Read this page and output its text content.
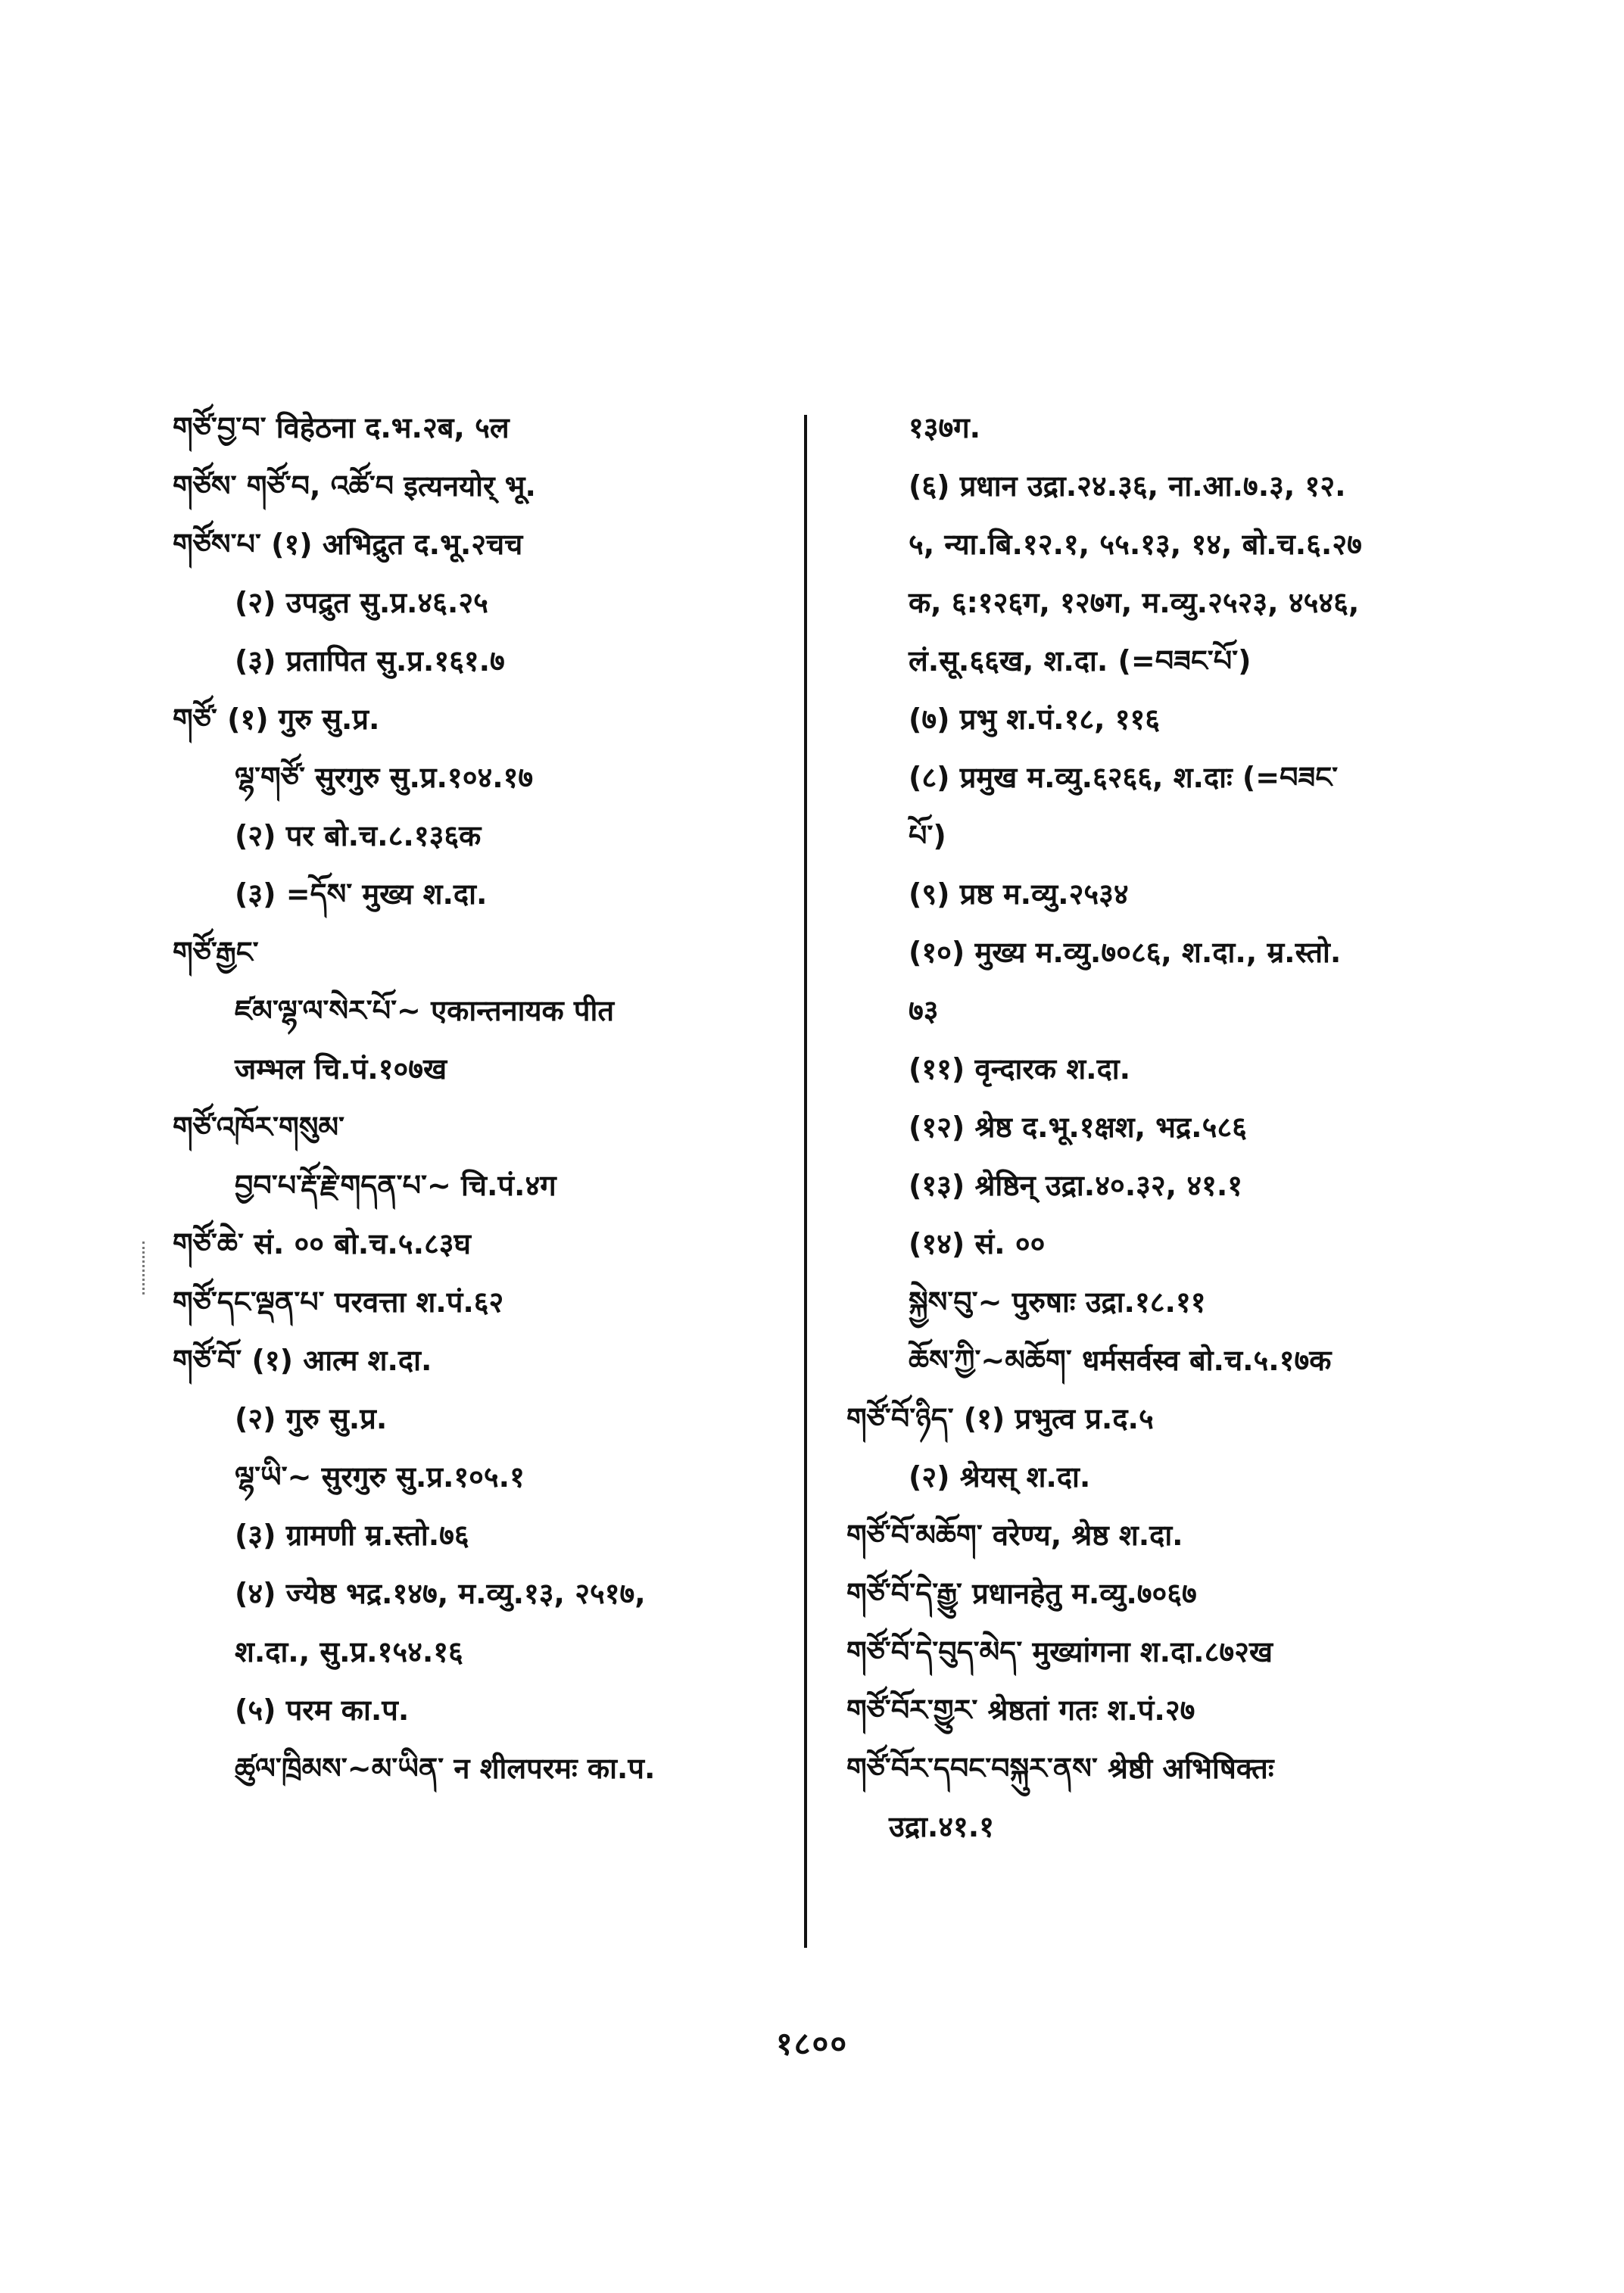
གཙོ་བྱ་བ་ विहेठना द.भ.२ब, ५ल
གཙོས་ གཙོ་བ, འཚོ་བ इत्यनयोर् भू.
གཙོས་པ་ (१) अभिद्रुत द.भू.२चच
(२) उपद्रुत सु.प्र.४६.२५
(३) प्रतापित सु.प्र.१६१.७
གཙོ་ (१) गुरु सु.प्र.
ལྷ་གཙོ་ सुरगुरु सु.प्र.१०४.१७
(२) पर बो.च.८.१३६क
(३) =དོས་ मुख्य श.दा.
གཙོ་རྒྱང་
ཛམ་ལྷ་ལ་སེར་པོ་~ एकान्तनायक पीत
जम्भल चि.पं.१०७ख
གཙོ་འཁོར་གསུམ་
བྱབ་པ་རྡོ་རྗེ་གདན་པ་~ चि.पं.४ग
གཙོ་ཆེ་ सं. ०० बो.च.५.८३घ
གཙོ་དང་ལྡན་པ་ परवत्ता श.पं.६२
གཙོ་བོ་ (१) आत्म श.दा.
(२) गुरु सु.प्र.
ལྷ་ཡི་~ सुरगुरु सु.प्र.१०५.१
(३) ग्रामणी म्र.स्तो.७६
(४) ज्येष्ठ भद्र.१४७, म.व्यु.१३, २५१७,
श.दा., सु.प्र.१५४.१६
(५) परम का.प.
ཚུལ་ཁྲིམས་~མ་ཡིན་ न शीलपरमः का.प.
१३७ग.
(६) प्रधान उद्रा.२४.३६, ना.आ.७.३, १२.
५, न्या.बि.१२.१, ५५.१३, १४, बो.च.६.२७
क, ६:१२६ग, १२७ग, म.व्यु.२५२३, ४५४६,
लं.सू.६६ख, श.दा. (=བཟང་པོ་)
(७) प्रभु श.पं.१८, ११६
(८) प्रमुख म.व्यु.६२६६, श.दाः (=བཟང་
པོ་)
(९) प्रष्ठ म.व्यु.२५३४
(१०) मुख्य म.व्यु.७०८६, श.दा., म्र.स्तो.
७३
(११) वृन्दारक श.दा.
(१२) श्रेष्ठ द.भू.१क्षश, भद्र.५८६
(१३) श्रेष्ठिन् उद्रा.४०.३२, ४१.१
(१४) सं. ००
སྐྱེས་བུ་~ पुरुषाः उद्रा.१८.११
ཆོས་ཀྱི་~མཆོག་ धर्मसर्वस्व बो.च.५.१७क
གཙོ་བོ་ཉིད་ (१) प्रभुत्व प्र.द.५
(२) श्रेयस् श.दा.
གཙོ་བོ་མཆོག་ वरेण्य, श्रेष्ठ श.दा.
གཙོ་བོ་དེ་རྒྱུ་ प्रधानहेतु म.व्यु.७०६७
གཙོ་བོ་དེ་བུད་མེད་ मुख्यांगना श.दा.८७२ख
གཙོ་བོར་གྱུར་ श्रेष्ठतां गतः श.पं.२७
གཙོ་བོར་དབང་བསྐུར་ནས་ श्रेष्ठी अभिषिक्तः
उद्रा.४१.१
१८००
